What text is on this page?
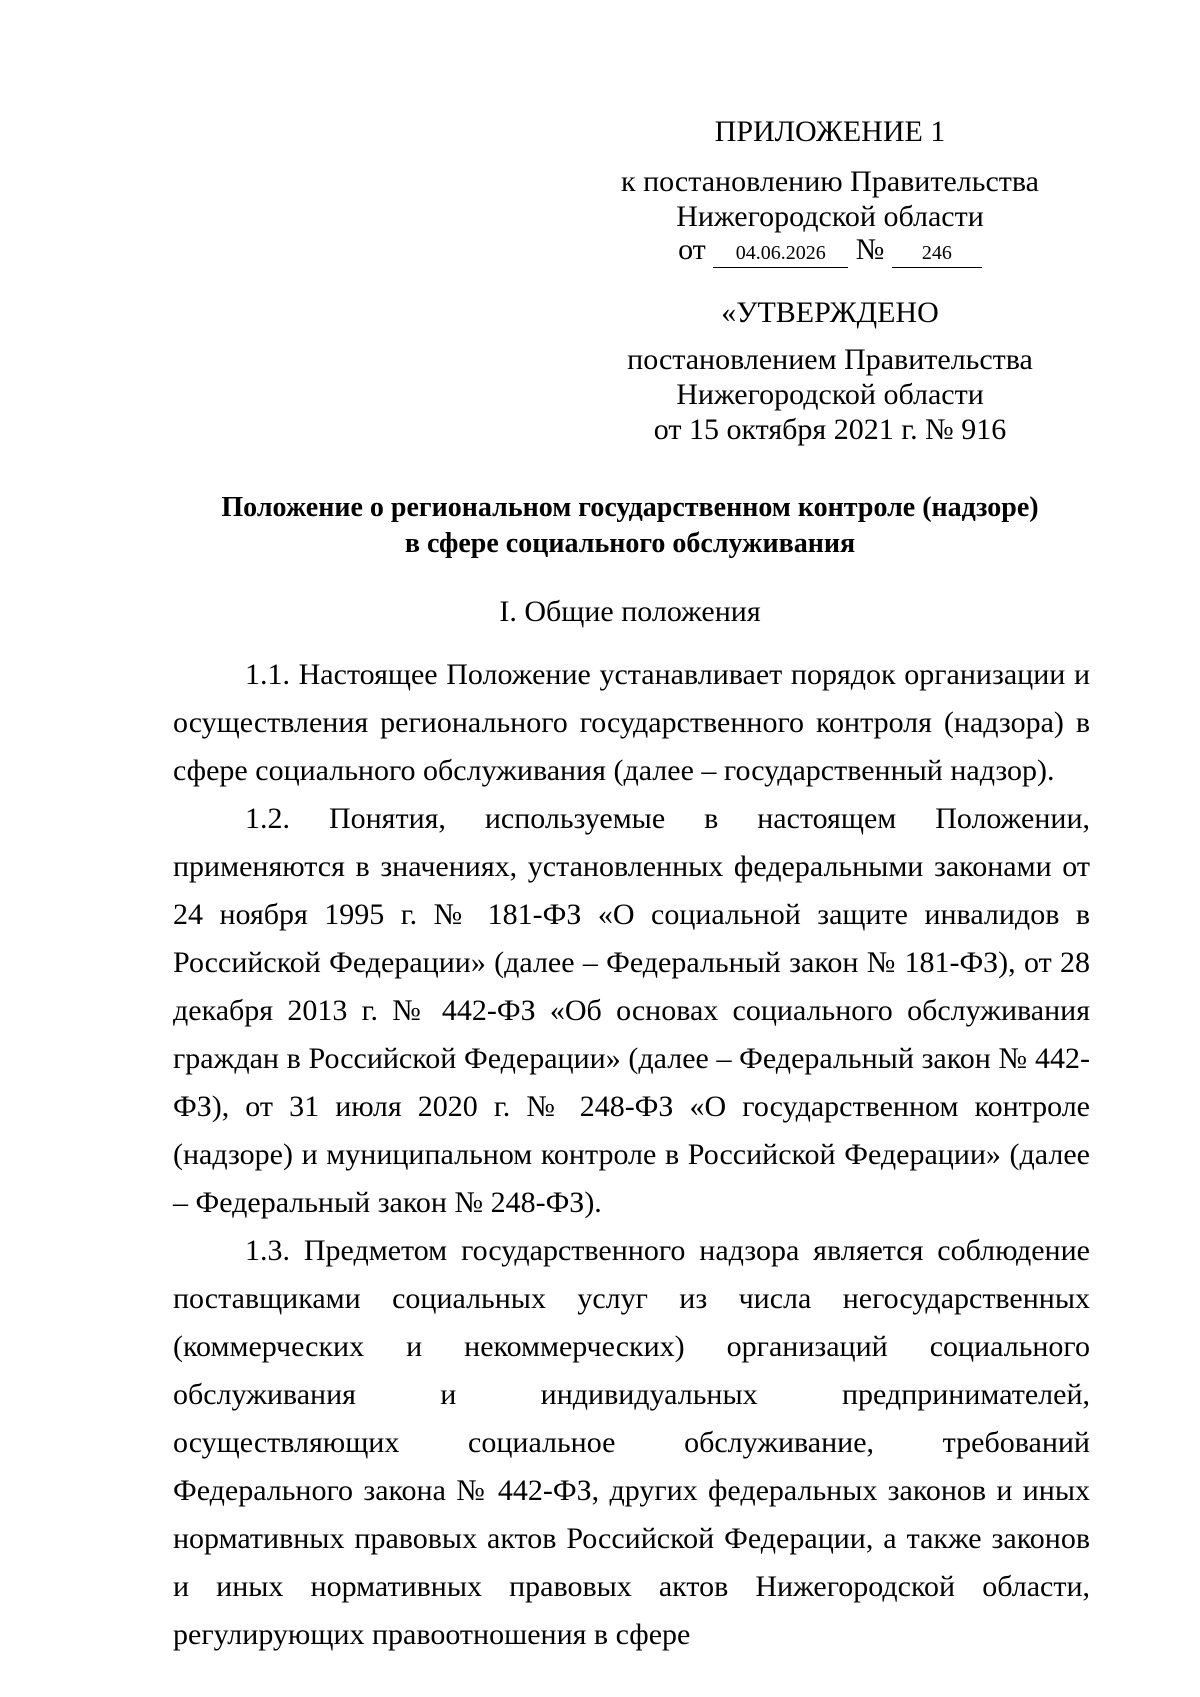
ПРИЛОЖЕНИЕ 1
к постановлению Правительства
Нижегородской области
от 04.06.2026 № 246
«УТВЕРЖДЕНО
постановлением Правительства
Нижегородской области
от 15 октября 2021 г. № 916
Положение о региональном государственном контроле (надзоре)
в сфере социального обслуживания
I. Общие положения

1.1. Настоящее Положение устанавливает порядок организации и осуществления регионального государственного контроля (надзора) в сфере социального обслуживания (далее – государственный надзор).

1.2. Понятия, используемые в настоящем Положении, применяются в значениях, установленных федеральными законами от 24 ноября 1995 г. № 181-ФЗ «О социальной защите инвалидов в Российской Федерации» (далее – Федеральный закон № 181-ФЗ), от 28 декабря 2013 г. № 442-ФЗ «Об основах социального обслуживания граждан в Российской Федерации» (далее – Федеральный закон № 442-ФЗ), от 31 июля 2020 г. № 248-ФЗ «О государственном контроле (надзоре) и муниципальном контроле в Российской Федерации» (далее – Федеральный закон № 248-ФЗ).

1.3. Предметом государственного надзора является соблюдение поставщиками социальных услуг из числа негосударственных (коммерческих и некоммерческих) организаций социального обслуживания и индивидуальных предпринимателей, осуществляющих социальное обслуживание, требований Федерального закона № 442-ФЗ, других федеральных законов и иных нормативных правовых актов Российской Федерации, а также законов и иных нормативных правовых актов Нижегородской области, регулирующих правоотношения в сфере
